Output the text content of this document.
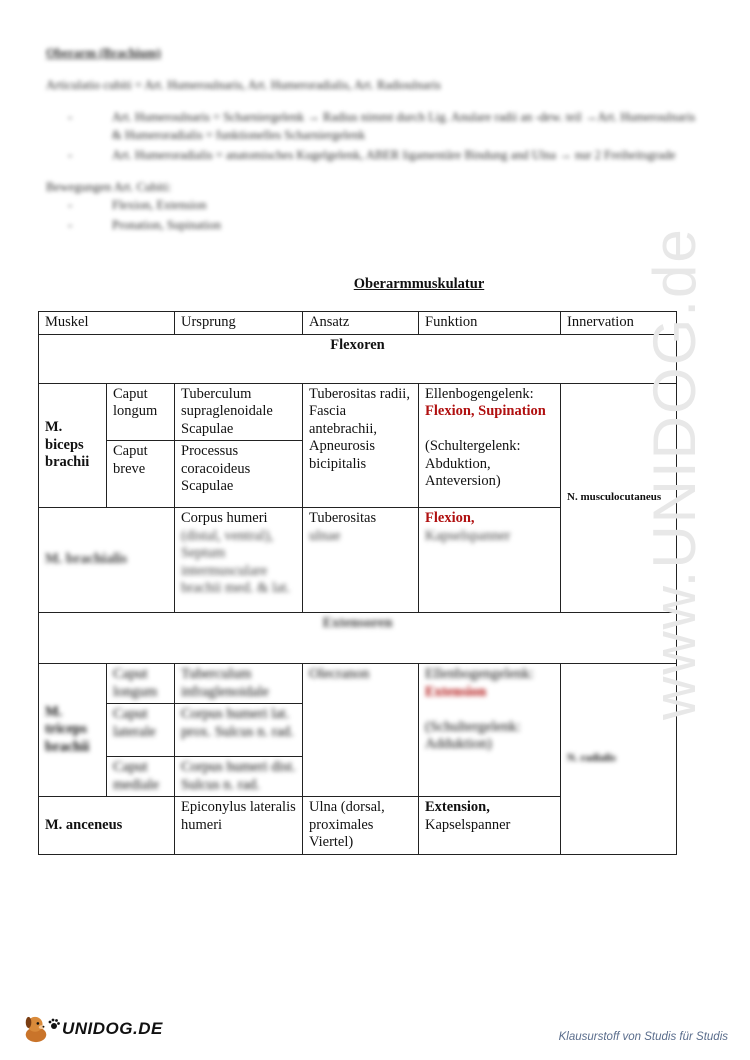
Oberarm (Brachium)
Articulatio cubiti = Art. Humeroulnaris, Art. Humeroradialis, Art. Radioulnaris
- Art. Humeroulnaris = Scharniergelenk → Radius nimmt durch Lig. Anulare radii an -dew. teil →Art. Humeroulnaris & Humeroradialis = funktionelles Scharniergelenk
- Art. Humeroradialis = anatomisches Kugelgelenk, ABER ligamentäre Bindung and Ulna → nur 2 Freiheitsgrade
Bewegungen Art. Cubiti:
- Flexion, Extension
- Pronation, Supination
Oberarmmuskulatur
Muskel		Ursprung	Ansatz	Funktion	Innervation
Flexoren					
M. biceps brachii	Caput longum	Tuberculum supraglenoidale Scapulae	Tuberositas radii, Fascia antebrachii, Apneurosis bicipitalis	Ellenbogengelenk:
Flexion, Supination

(Schultergelenk: Abduktion, Anteversion)	N. musculocutaneus
	Caput breve	Processus coracoideus Scapulae			
M. brachialis		Corpus humeri (distal, ventral), Septum intermusculare brachii med. & lat.	Tuberositas
ulnae	Flexion,
Kapselspanner	
Extensoren					
M. triceps brachii	Caput longum	Tuberculum infraglenoidale	Olecranon	Ellenbogengelenk:
Extension

(Schultergelenk: Adduktion)	N. radialis
	Caput laterale	Corpus humeri lat. prox. Sulcus n. rad.			
	Caput mediale	Corpus humeri dist. Sulcus n. rad.			
M. anceneus		Epiconylus lateralis humeri	Ulna (dorsal, proximales Viertel)	Extension,
Kapselspanner	
www.UNIDOG.de
UNIDOG.DE	Klausurstoff von Studis für Studis
